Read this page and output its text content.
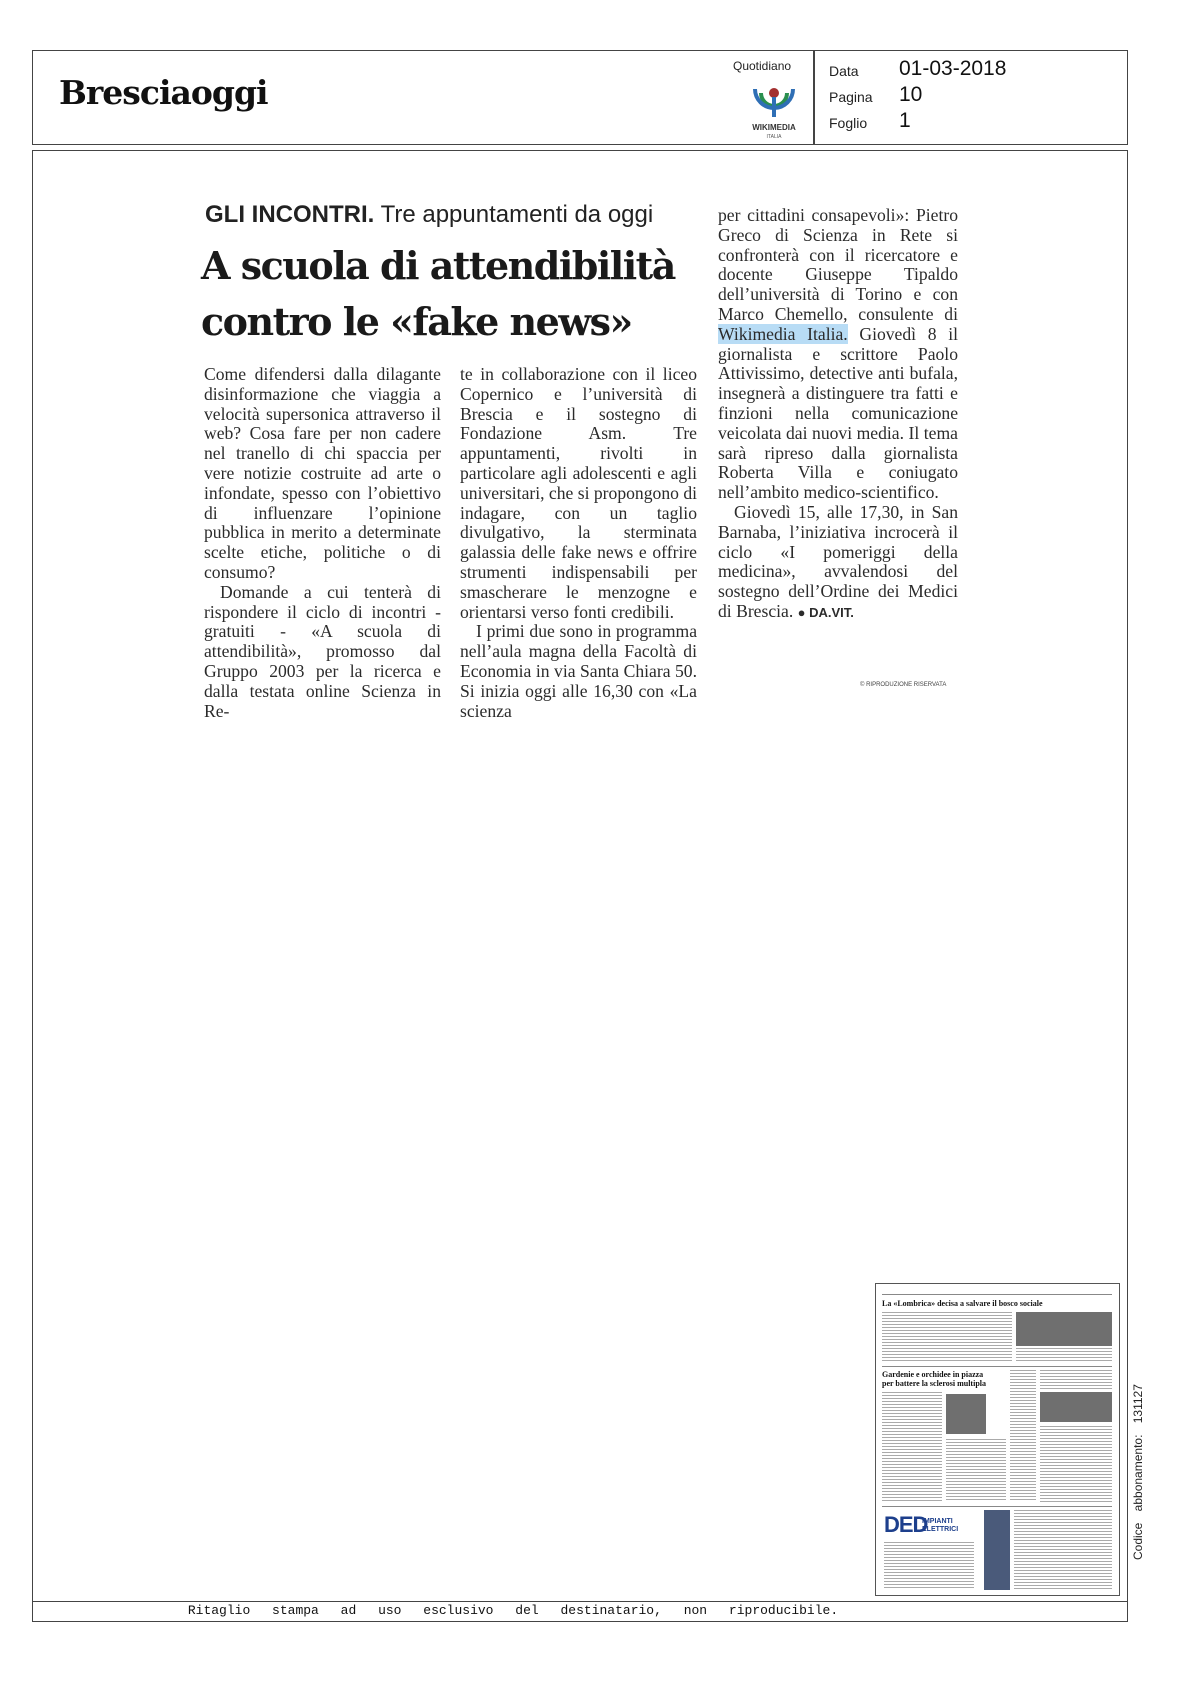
Bresciaoggi
Quotidiano
WIKIMEDIA
ITALIA
Data 01-03-2018
Pagina 10
Foglio 1
GLI INCONTRI. Tre appuntamenti da oggi
A scuola di attendibilità
contro le «fake news»

Come difendersi dalla dilagante disinformazione che viaggia a velocità supersonica attraverso il web? Cosa fare per non cadere nel tranello di chi spaccia per vere notizie costruite ad arte o infondate, spesso con l’obiettivo di influenzare l’opinione pubblica in merito a determinate scelte etiche, politiche o di consumo?

Domande a cui tenterà di rispondere il ciclo di incontri - gratuiti - «A scuola di attendibilità», promosso dal Gruppo 2003 per la ricerca e dalla testata online Scienza in Re-

te in collaborazione con il liceo Copernico e l’università di Brescia e il sostegno di Fondazione Asm. Tre appuntamenti, rivolti in particolare agli adolescenti e agli universitari, che si propongono di indagare, con un taglio divulgativo, la sterminata galassia delle fake news e offrire strumenti indispensabili per smascherare le menzogne e orientarsi verso fonti credibili.

I primi due sono in programma nell’aula magna della Facoltà di Economia in via Santa Chiara 50. Si inizia oggi alle 16,30 con «La scienza

per cittadini consapevoli»: Pietro Greco di Scienza in Rete si confronterà con il ricercatore e docente Giuseppe Tipaldo dell’università di Torino e con Marco Chemello, consulente di Wikimedia Italia. Giovedì 8 il giornalista e scrittore Paolo Attivissimo, detective anti bufala, insegnerà a distinguere tra fatti e finzioni nella comunicazione veicolata dai nuovi media. Il tema sarà ripreso dalla giornalista Roberta Villa e coniugato nell’ambito medico-scientifico.

Giovedì 15, alle 17,30, in San Barnaba, l’iniziativa incrocerà il ciclo «I pomeriggi della medicina», avvalendosi del sostegno dell’Ordine dei Medici di Brescia. ● DA.VIT.

© RIPRODUZIONE RISERVATA
La «Lombrica» decisa a salvare il bosco sociale
Gardenie e orchidee in piazza
per battere la sclerosi multipla
DED
IMPIANTI
ELETTRICI	Codice abbonamento: 131127
Ritaglio stampa ad uso esclusivo del destinatario, non riproducibile.
